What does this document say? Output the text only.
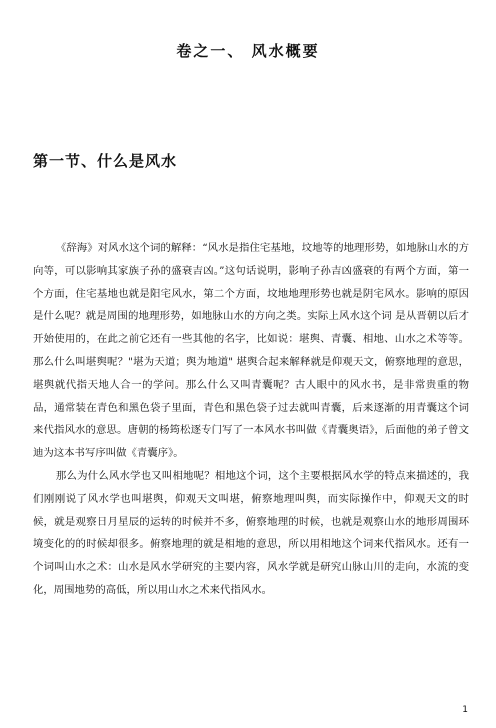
卷之一、 风水概要
第一节、什么是风水

《辞海》对风水这个词的解释：“风水是指住宅基地，坟地等的地理形势，如地脉山水的方向等，可以影响其家族子孙的盛衰吉凶。”这句话说明，影响子孙吉凶盛衰的有两个方面，第一个方面，住宅基地也就是阳宅风水，第二个方面，坟地地理形势也就是阴宅风水。影响的原因是什么呢？就是周围的地理形势，如地脉山水的方向之类。实际上风水这个词 是从晋朝以后才开始使用的，在此之前它还有一些其他的名字，比如说：堪舆、青囊、相地、山水之术等等。那么什么叫堪舆呢？"堪为天道；舆为地道" 堪舆合起来解释就是仰观天文，俯察地理的意思，堪舆就代指天地人合一的学问。那么什么又叫青囊呢？古人眼中的风水书，是非常贵重的物品，通常装在青色和黑色袋子里面，青色和黑色袋子过去就叫青囊，后来逐渐的用青囊这个词来代指风水的意思。唐朝的杨筠松逐专门写了一本风水书叫做《青囊奥语》，后面他的弟子曾文迪为这本书写序叫做《青囊序》。

那么为什么风水学也又叫相地呢？相地这个词，这个主要根据风水学的特点来描述的，我们刚刚说了风水学也叫堪舆，仰观天文叫堪，俯察地理叫舆，而实际操作中，仰观天文的时候，就是观察日月星辰的运转的时候并不多，俯察地理的时候，也就是观察山水的地形周围环境变化的的时候却很多。俯察地理的就是相地的意思，所以用相地这个词来代指风水。还有一个词叫山水之术：山水是风水学研究的主要内容，风水学就是研究山脉山川的走向，水流的变化，周围地势的高低，所以用山水之术来代指风水。

1
